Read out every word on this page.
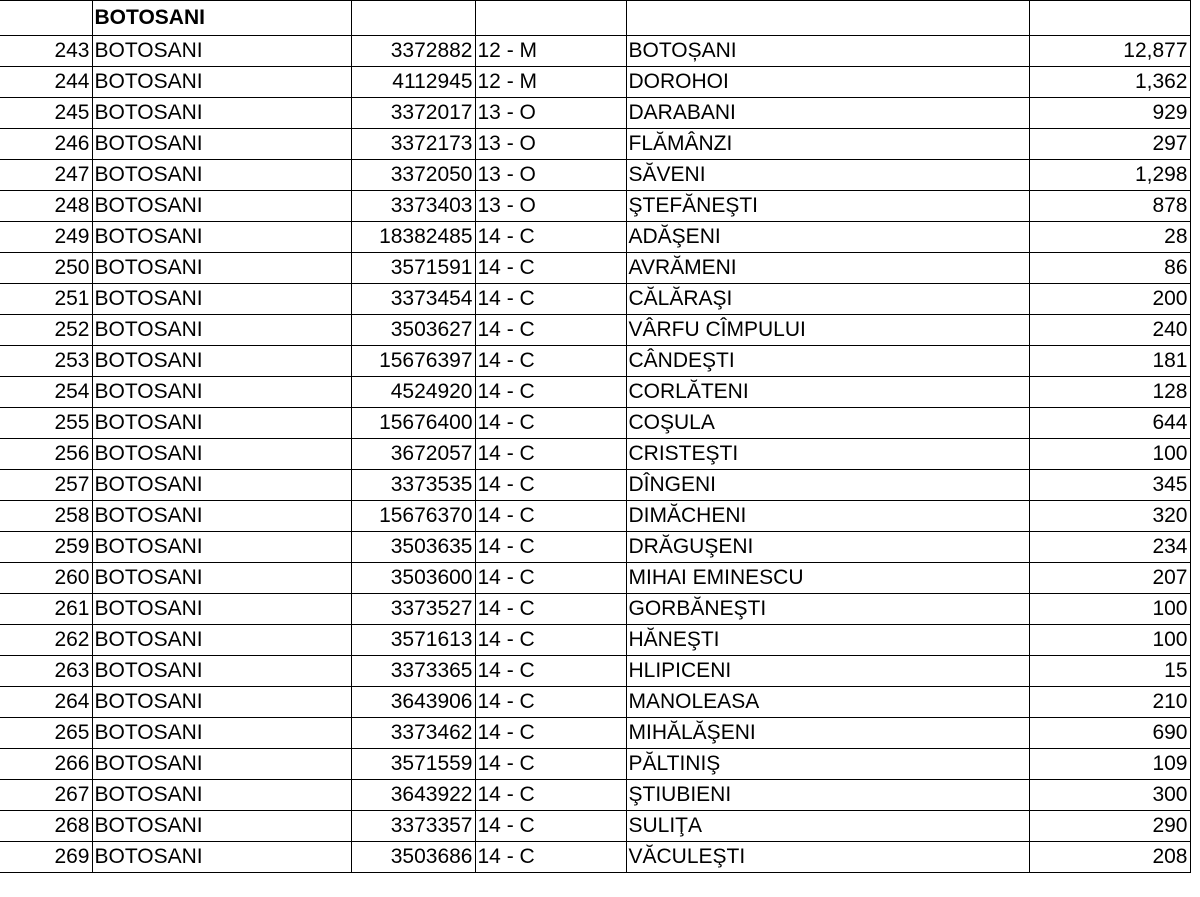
	BOTOSANI				
243	BOTOSANI	3372882	12 - M	BOTOȘANI	12,877
244	BOTOSANI	4112945	12 - M	DOROHOI	1,362
245	BOTOSANI	3372017	13 - O	DARABANI	929
246	BOTOSANI	3372173	13 - O	FLĂMÂNZI	297
247	BOTOSANI	3372050	13 - O	SĂVENI	1,298
248	BOTOSANI	3373403	13 - O	ŞTEFĂNEŞTI	878
249	BOTOSANI	18382485	14 - C	ADĂŞENI	28
250	BOTOSANI	3571591	14 - C	AVRĂMENI	86
251	BOTOSANI	3373454	14 - C	CĂLĂRAŞI	200
252	BOTOSANI	3503627	14 - C	VÂRFU CÎMPULUI	240
253	BOTOSANI	15676397	14 - C	CÂNDEŞTI	181
254	BOTOSANI	4524920	14 - C	CORLĂTENI	128
255	BOTOSANI	15676400	14 - C	COŞULA	644
256	BOTOSANI	3672057	14 - C	CRISTEŞTI	100
257	BOTOSANI	3373535	14 - C	DÎNGENI	345
258	BOTOSANI	15676370	14 - C	DIMĂCHENI	320
259	BOTOSANI	3503635	14 - C	DRĂGUŞENI	234
260	BOTOSANI	3503600	14 - C	MIHAI EMINESCU	207
261	BOTOSANI	3373527	14 - C	GORBĂNEŞTI	100
262	BOTOSANI	3571613	14 - C	HĂNEŞTI	100
263	BOTOSANI	3373365	14 - C	HLIPICENI	15
264	BOTOSANI	3643906	14 - C	MANOLEASA	210
265	BOTOSANI	3373462	14 - C	MIHĂLĂŞENI	690
266	BOTOSANI	3571559	14 - C	PĂLTINIŞ	109
267	BOTOSANI	3643922	14 - C	ŞTIUBIENI	300
268	BOTOSANI	3373357	14 - C	SULIŢA	290
269	BOTOSANI	3503686	14 - C	VĂCULEŞTI	208
